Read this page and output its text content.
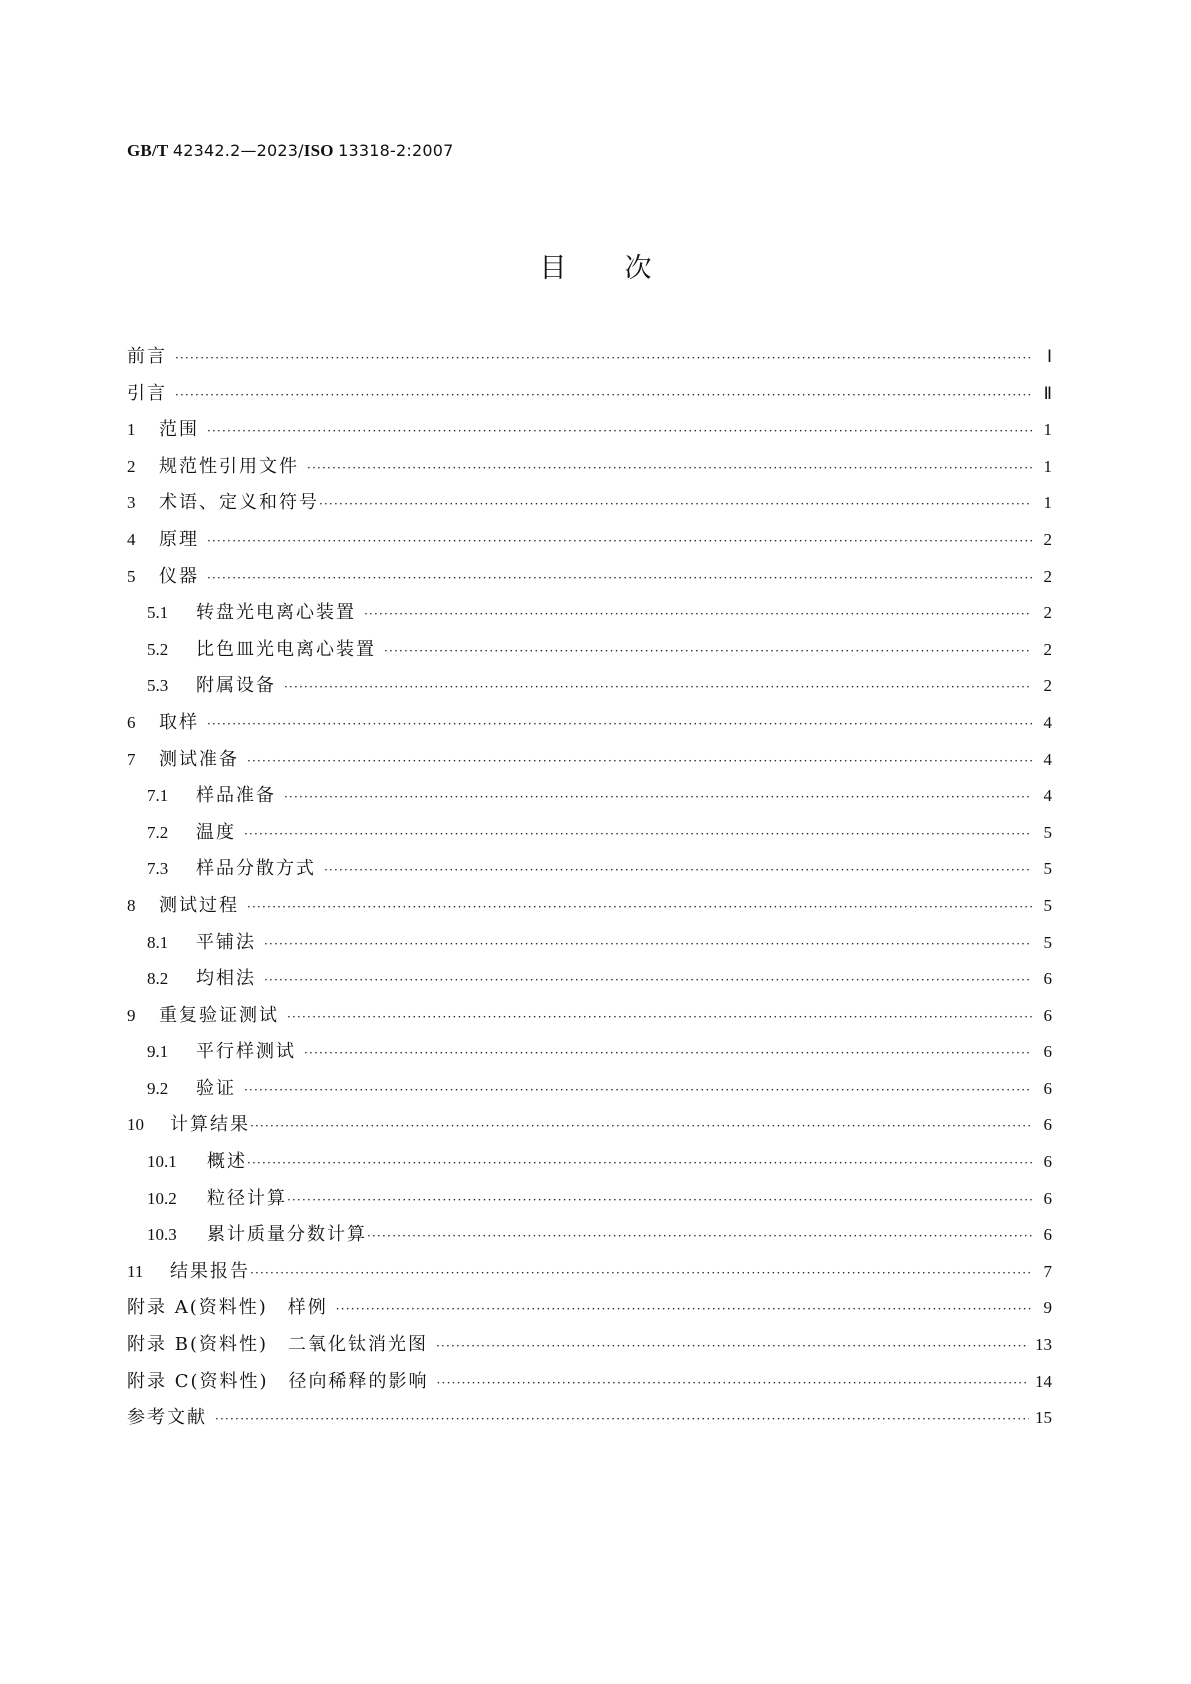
GB/T 42342.2—2023/ISO 13318-2:2007
目 次
前言 ·····	Ⅰ
引言 ·····	Ⅱ
1	范围 ·····	1
2	规范性引用文件 ·····	1
3	术语、定义和符号 ·····	1
4	原理 ·····	2
5	仪器 ·····	2
5.1	转盘光电离心装置 ·····	2
5.2	比色皿光电离心装置 ·····	2
5.3	附属设备 ·····	2
6	取样 ·····	4
7	测试准备 ·····	4
7.1	样品准备 ·····	4
7.2	温度 ·····	5
7.3	样品分散方式 ·····	5
8	测试过程 ·····	5
8.1	平铺法 ·····	5
8.2	均相法 ·····	6
9	重复验证测试 ·····	6
9.1	平行样测试 ·····	6
9.2	验证 ·····	6
10	计算结果 ·····	6
10.1	概述 ·····	6
10.2	粒径计算 ·····	6
10.3	累计质量分数计算 ·····	6
11	结果报告 ·····	7
附录 A(资料性)　样例 ·····	9
附录 B(资料性)　二氧化钛消光图 ·····	13
附录 C(资料性)　径向稀释的影响 ·····	14
参考文献 ·····	15
